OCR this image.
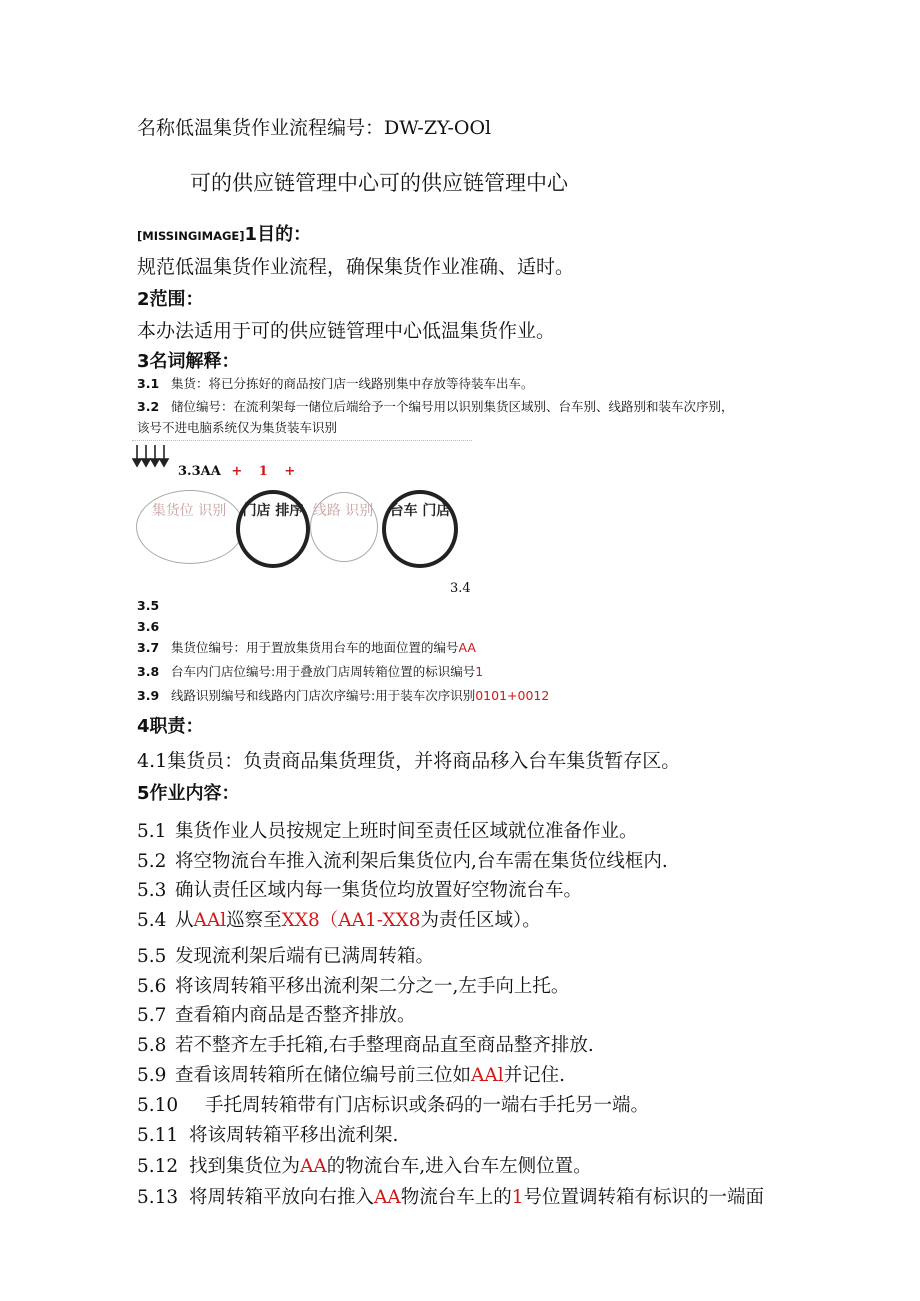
名称低温集货作业流程编号：DW-ZY-OOl
可的供应链管理中心可的供应链管理中心
[MISSINGIMAGE]1目的：
规范低温集货作业流程，确保集货作业准确、适时。
2范围：
本办法适用于可的供应链管理中心低温集货作业。
3名词解释：
3.1 集货：将已分拣好的商品按门店一线路别集中存放等待装车出车。
3.2 储位编号：在流利架每一储位后端给予一个编号用以识别集货区域别、台车别、线路别和装车次序别，
该号不进电脑系统仅为集货装车识别
3.3AA + 1 +
集货位 识别	门店 排序 线路 识别 台车 门店
3.4
3.5
3.6
3.7 集货位编号：用于置放集货用台车的地面位置的编号AA
3.8 台车内门店位编号:用于叠放门店周转箱位置的标识编号1
3.9 线路识别编号和线路内门店次序编号:用于装车次序识别0101+0012
4职责：
4.1集货员：负责商品集货理货，并将商品移入台车集货暂存区。
5作业内容：
5.1 集货作业人员按规定上班时间至责任区域就位准备作业。
5.2 将空物流台车推入流利架后集货位内,台车需在集货位线框内.
5.3 确认责任区域内每一集货位均放置好空物流台车。
5.4 从AAl巡察至XX8（AA1-XX8为责任区域）。
5.5 发现流利架后端有已满周转箱。
5.6 将该周转箱平移出流利架二分之一,左手向上托。
5.7 查看箱内商品是否整齐排放。
5.8 若不整齐左手托箱,右手整理商品直至商品整齐排放.
5.9 查看该周转箱所在储位编号前三位如AAl并记住.
5.10 手托周转箱带有门店标识或条码的一端右手托另一端。
5.11 将该周转箱平移出流利架.
5.12 找到集货位为AA的物流台车,进入台车左侧位置。
5.13 将周转箱平放向右推入AA物流台车上的1号位置调转箱有标识的一端面
